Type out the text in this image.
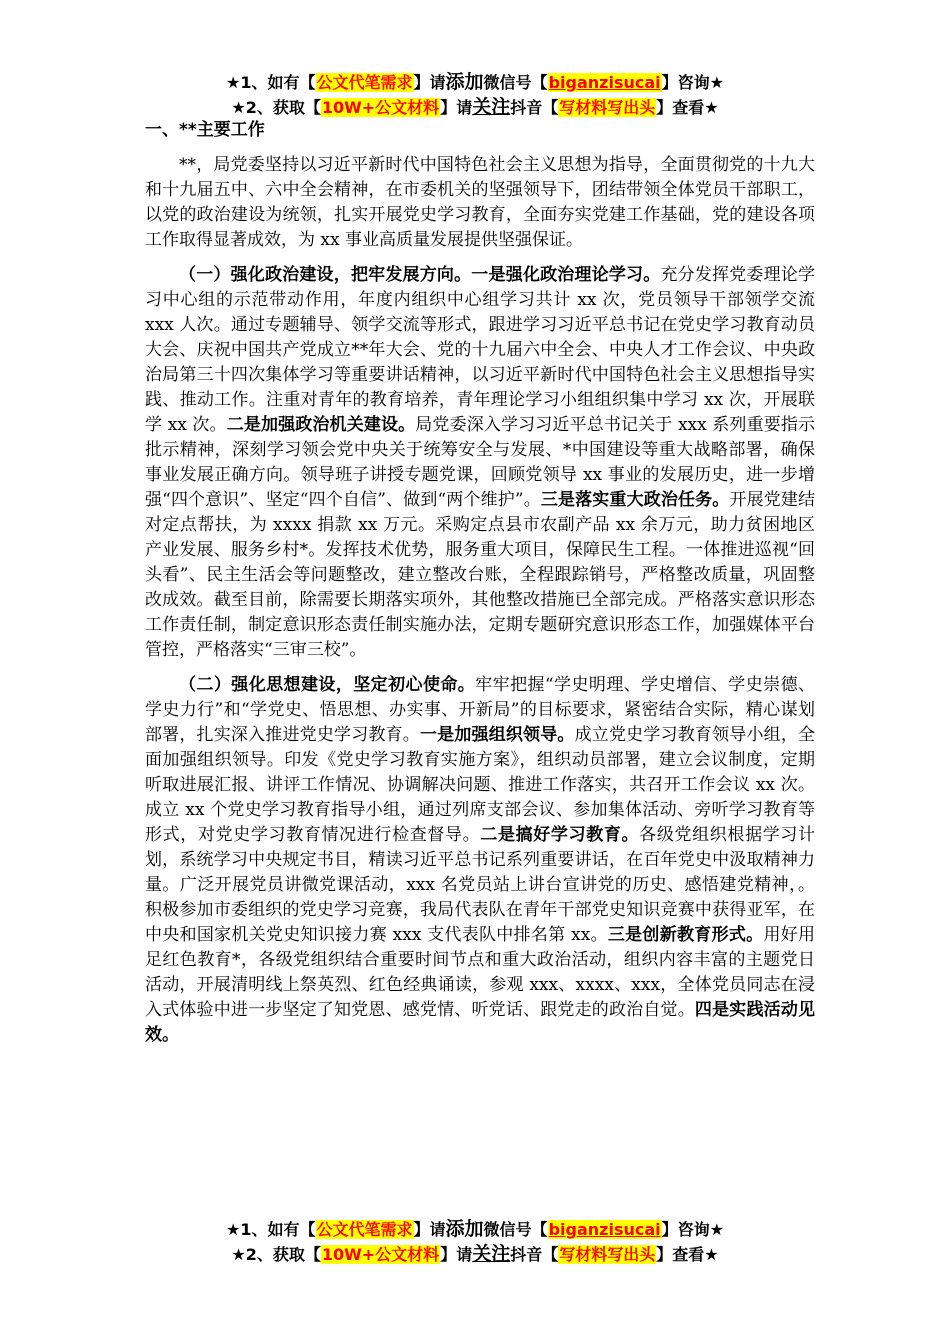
★1、如有【公文代笔需求】请添加微信号【biganzisucai】咨询★
★2、获取【10W+公文材料】请关注抖音【写材料写出头】查看★

一、**主要工作

**，局党委坚持以习近平新时代中国特色社会主义思想为指导，全面贯彻党的十九大和十九届五中、六中全会精神，在市委机关的坚强领导下，团结带领全体党员干部职工，以党的政治建设为统领，扎实开展党史学习教育，全面夯实党建工作基础，党的建设各项工作取得显著成效，为 xx 事业高质量发展提供坚强保证。

（一）强化政治建设，把牢发展方向。一是强化政治理论学习。充分发挥党委理论学习中心组的示范带动作用，年度内组织中心组学习共计 xx 次，党员领导干部领学交流 xxx 人次。通过专题辅导、领学交流等形式，跟进学习习近平总书记在党史学习教育动员大会、庆祝中国共产党成立**年大会、党的十九届六中全会、中央人才工作会议、中央政治局第三十四次集体学习等重要讲话精神，以习近平新时代中国特色社会主义思想指导实践、推动工作。注重对青年的教育培养，青年理论学习小组组织集中学习 xx 次，开展联学 xx 次。二是加强政治机关建设。局党委深入学习习近平总书记关于 xxx 系列重要指示批示精神，深刻学习领会党中央关于统筹安全与发展、*中国建设等重大战略部署，确保事业发展正确方向。领导班子讲授专题党课，回顾党领导 xx 事业的发展历史，进一步增强“四个意识”、坚定“四个自信”、做到“两个维护”。三是落实重大政治任务。开展党建结对定点帮扶，为 xxxx 捐款 xx 万元。采购定点县市农副产品 xx 余万元，助力贫困地区产业发展、服务乡村*。发挥技术优势，服务重大项目，保障民生工程。一体推进巡视“回头看”、民主生活会等问题整改，建立整改台账，全程跟踪销号，严格整改质量，巩固整改成效。截至目前，除需要长期落实项外，其他整改措施已全部完成。严格落实意识形态工作责任制，制定意识形态责任制实施办法，定期专题研究意识形态工作，加强媒体平台管控，严格落实“三审三校”。

（二）强化思想建设，坚定初心使命。牢牢把握“学史明理、学史增信、学史崇德、学史力行”和“学党史、悟思想、办实事、开新局”的目标要求，紧密结合实际，精心谋划部署，扎实深入推进党史学习教育。一是加强组织领导。成立党史学习教育领导小组，全面加强组织领导。印发《党史学习教育实施方案》，组织动员部署，建立会议制度，定期听取进展汇报、讲评工作情况、协调解决问题、推进工作落实，共召开工作会议 xx 次。成立 xx 个党史学习教育指导小组，通过列席支部会议、参加集体活动、旁听学习教育等形式，对党史学习教育情况进行检查督导。二是搞好学习教育。各级党组织根据学习计划，系统学习中央规定书目，精读习近平总书记系列重要讲话，在百年党史中汲取精神力量。广泛开展党员讲微党课活动，xxx 名党员站上讲台宣讲党的历史、感悟建党精神，。积极参加市委组织的党史学习竞赛，我局代表队在青年干部党史知识竞赛中获得亚军，在中央和国家机关党史知识接力赛 xxx 支代表队中排名第 xx。三是创新教育形式。用好用足红色教育*，各级党组织结合重要时间节点和重大政治活动，组织内容丰富的主题党日活动，开展清明线上祭英烈、红色经典诵读，参观 xxx、xxxx、xxx，全体党员同志在浸入式体验中进一步坚定了知党恩、感党情、听党话、跟党走的政治自觉。四是实践活动见效。

★1、如有【公文代笔需求】请添加微信号【biganzisucai】咨询★
★2、获取【10W+公文材料】请关注抖音【写材料写出头】查看★
